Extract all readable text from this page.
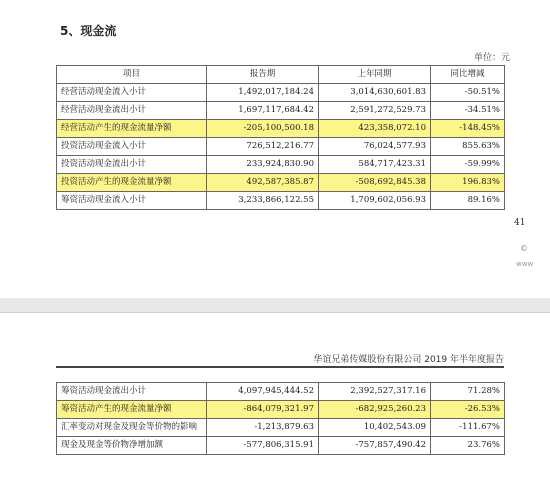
5、现金流
单位：元
项目	报告期	上年同期	同比增减
经营活动现金流入小计	1,492,017,184.24	3,014,630,601.83	-50.51%
经营活动现金流出小计	1,697,117,684.42	2,591,272,529.73	-34.51%
经营活动产生的现金流量净额	-205,100,500.18	423,358,072.10	-148.45%
投资活动现金流入小计	726,512,216.77	76,024,577.93	855.63%
投资活动现金流出小计	233,924,830.90	584,717,423.31	-59.99%
投资活动产生的现金流量净额	492,587,385.87	-508,692,845.38	196.83%
筹资活动现金流入小计	3,233,866,122.55	1,709,602,056.93	89.16%
41
©
www
华谊兄弟传媒股份有限公司 2019 年半年度报告
筹资活动现金流出小计	4,097,945,444.52	2,392,527,317.16	71.28%
筹资活动产生的现金流量净额	-864,079,321.97	-682,925,260.23	-26.53%
汇率变动对现金及现金等价物的影响	-1,213,879.63	10,402,543.09	-111.67%
现金及现金等价物净增加额	-577,806,315.91	-757,857,490.42	23.76%
